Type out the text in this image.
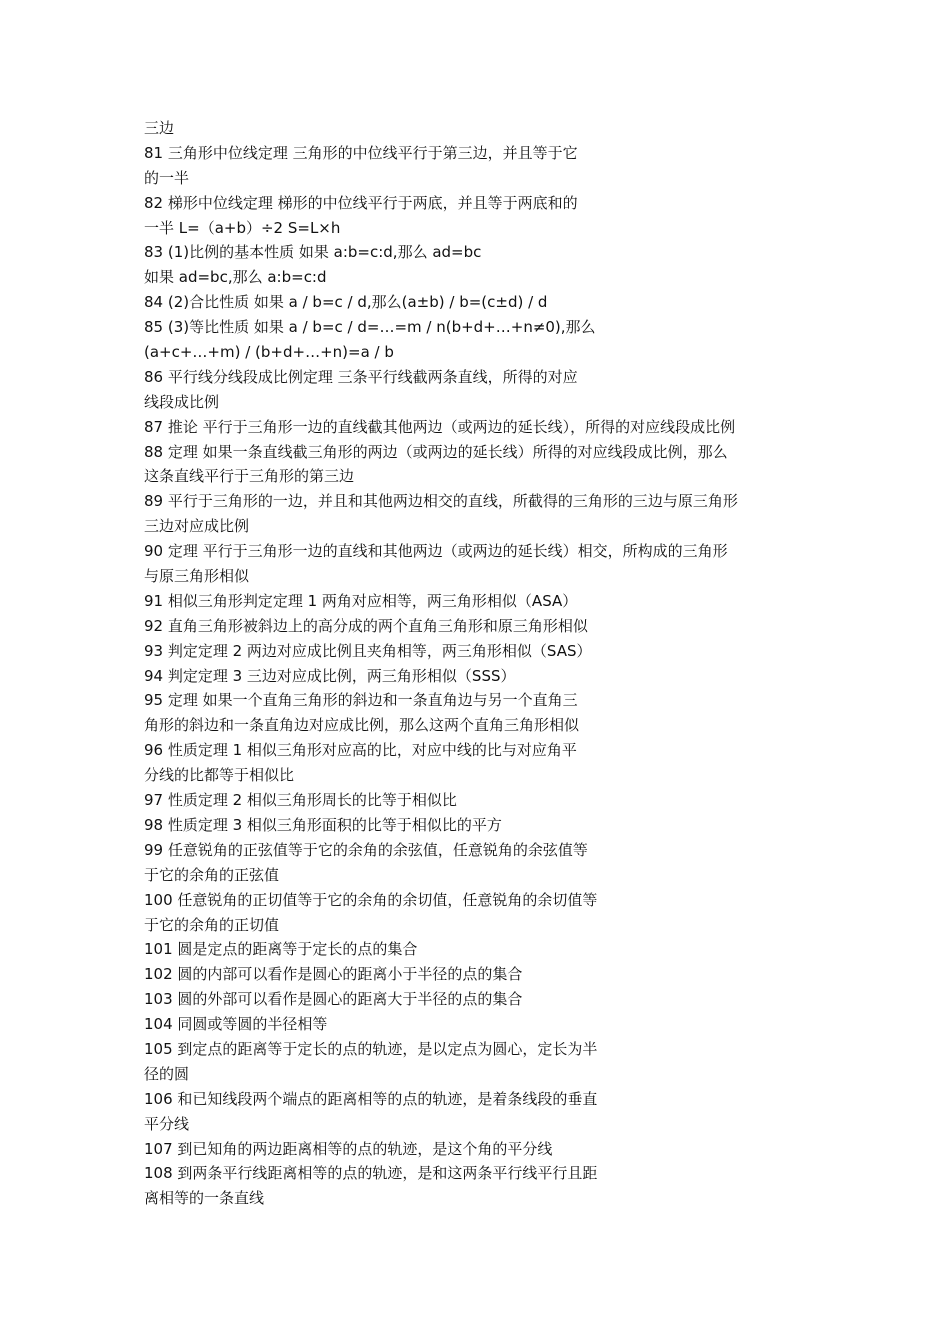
三边
81 三角形中位线定理 三角形的中位线平行于第三边，并且等于它
的一半
82 梯形中位线定理 梯形的中位线平行于两底，并且等于两底和的
一半 L=（a+b）÷2 S=L×h
83 (1)比例的基本性质 如果 a:b=c:d,那么 ad=bc
如果 ad=bc,那么 a:b=c:d
84 (2)合比性质 如果 a / b=c / d,那么(a±b) / b=(c±d) / d
85 (3)等比性质 如果 a / b=c / d=…=m / n(b+d+…+n≠0),那么
(a+c+…+m) / (b+d+…+n)=a / b
86 平行线分线段成比例定理 三条平行线截两条直线，所得的对应
线段成比例
87 推论 平行于三角形一边的直线截其他两边（或两边的延长线），所得的对应线段成比例
88 定理 如果一条直线截三角形的两边（或两边的延长线）所得的对应线段成比例，那么
这条直线平行于三角形的第三边
89 平行于三角形的一边，并且和其他两边相交的直线，所截得的三角形的三边与原三角形
三边对应成比例
90 定理 平行于三角形一边的直线和其他两边（或两边的延长线）相交，所构成的三角形
与原三角形相似
91 相似三角形判定定理 1 两角对应相等，两三角形相似（ASA）
92 直角三角形被斜边上的高分成的两个直角三角形和原三角形相似
93 判定定理 2 两边对应成比例且夹角相等，两三角形相似（SAS）
94 判定定理 3 三边对应成比例，两三角形相似（SSS）
95 定理 如果一个直角三角形的斜边和一条直角边与另一个直角三
角形的斜边和一条直角边对应成比例，那么这两个直角三角形相似
96 性质定理 1 相似三角形对应高的比，对应中线的比与对应角平
分线的比都等于相似比
97 性质定理 2 相似三角形周长的比等于相似比
98 性质定理 3 相似三角形面积的比等于相似比的平方
99 任意锐角的正弦值等于它的余角的余弦值，任意锐角的余弦值等
于它的余角的正弦值
100 任意锐角的正切值等于它的余角的余切值，任意锐角的余切值等
于它的余角的正切值
101 圆是定点的距离等于定长的点的集合
102 圆的内部可以看作是圆心的距离小于半径的点的集合
103 圆的外部可以看作是圆心的距离大于半径的点的集合
104 同圆或等圆的半径相等
105 到定点的距离等于定长的点的轨迹，是以定点为圆心，定长为半
径的圆
106 和已知线段两个端点的距离相等的点的轨迹，是着条线段的垂直
平分线
107 到已知角的两边距离相等的点的轨迹，是这个角的平分线
108 到两条平行线距离相等的点的轨迹，是和这两条平行线平行且距
离相等的一条直线
